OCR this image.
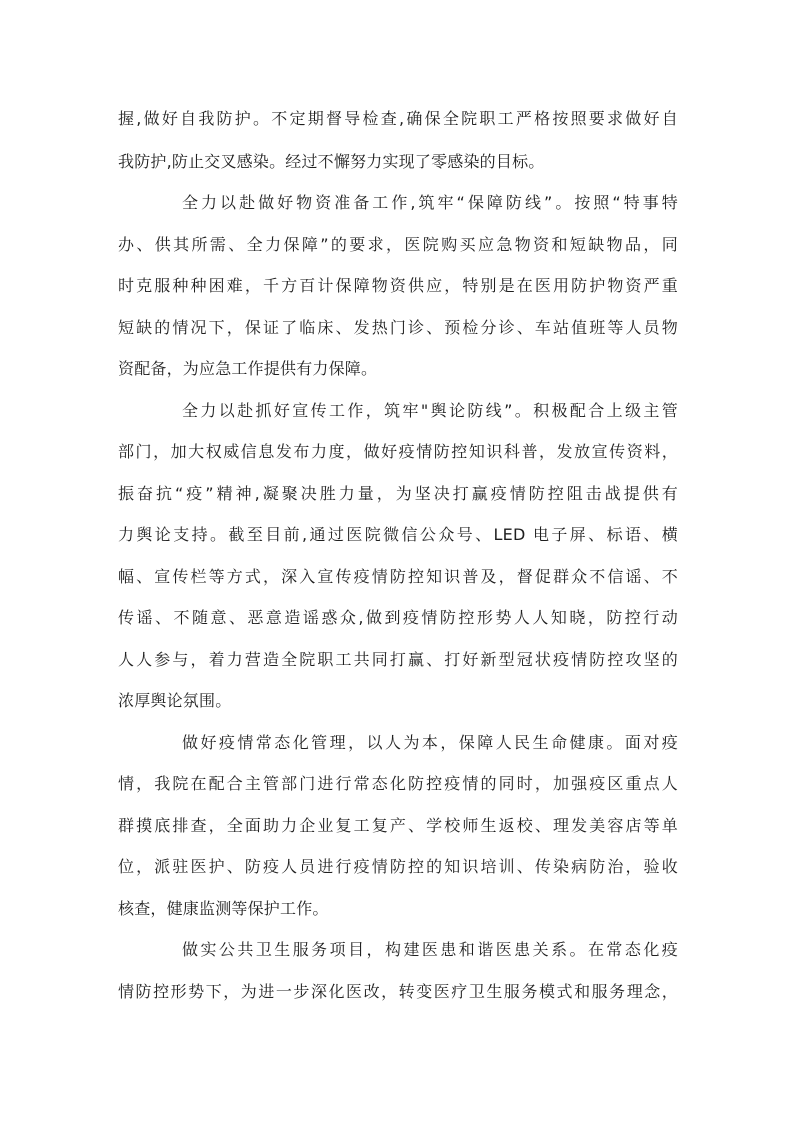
握,做好自我防护。不定期督导检查,确保全院职工严格按照要求做好自

我防护,防止交叉感染。经过不懈努力实现了零感染的目标。

全力以赴做好物资准备工作,筑牢“保障防线”。按照“特事特

办、供其所需、全力保障”的要求，医院购买应急物资和短缺物品，同

时克服种种困难，千方百计保障物资供应，特别是在医用防护物资严重

短缺的情况下，保证了临床、发热门诊、预检分诊、车站值班等人员物

资配备，为应急工作提供有力保障。

全力以赴抓好宣传工作，筑牢"舆论防线”。积极配合上级主管

部门，加大权威信息发布力度，做好疫情防控知识科普，发放宣传资料，

振奋抗“疫”精神,凝聚决胜力量，为坚决打赢疫情防控阻击战提供有

力舆论支持。截至目前,通过医院微信公众号、LED 电子屏、标语、横

幅、宣传栏等方式，深入宣传疫情防控知识普及，督促群众不信谣、不

传谣、不随意、恶意造谣惑众,做到疫情防控形势人人知晓，防控行动

人人参与，着力营造全院职工共同打赢、打好新型冠状疫情防控攻坚的

浓厚舆论氛围。

做好疫情常态化管理，以人为本，保障人民生命健康。面对疫

情，我院在配合主管部门进行常态化防控疫情的同时，加强疫区重点人

群摸底排查，全面助力企业复工复产、学校师生返校、理发美容店等单

位，派驻医护、防疫人员进行疫情防控的知识培训、传染病防治，验收

核查，健康监测等保护工作。

做实公共卫生服务项目，构建医患和谐医患关系。在常态化疫

情防控形势下，为进一步深化医改，转变医疗卫生服务模式和服务理念，
